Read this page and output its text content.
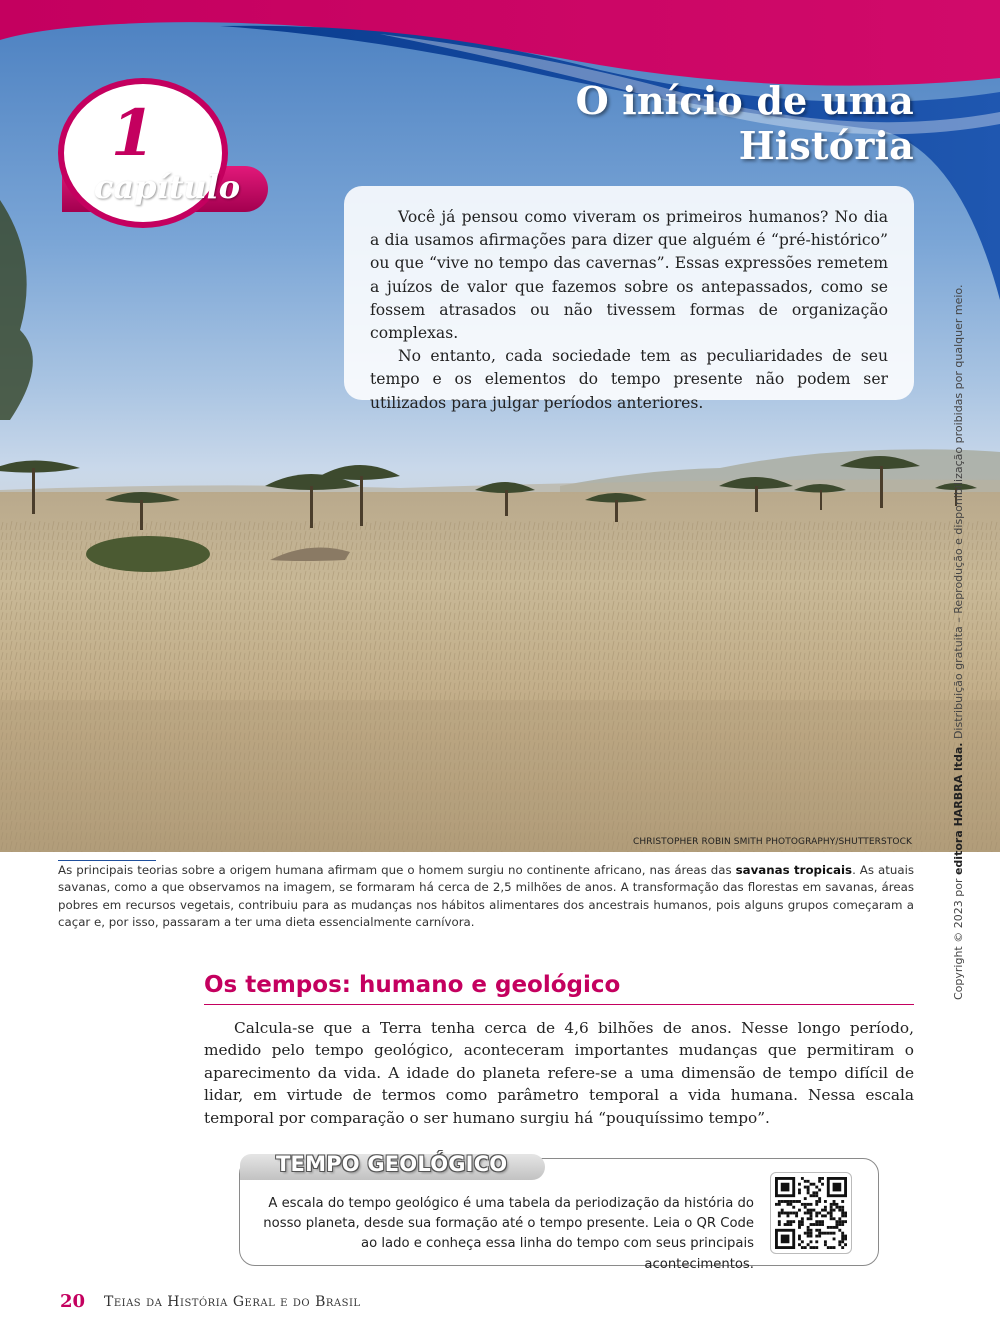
O início de uma História
1
capítulo

Você já pensou como viveram os primeiros humanos? No dia a dia usamos afirmações para dizer que alguém é “pré-histórico” ou que “vive no tempo das cavernas”. Essas expressões remetem a juízos de valor que fazemos sobre os antepassados, como se fossem atrasados ou não tivessem formas de organização complexas.

No entanto, cada sociedade tem as peculiaridades de seu tempo e os elementos do tempo presente não podem ser utilizados para julgar períodos anteriores.

CHRISTOPHER ROBIN SMITH PHOTOGRAPHY/SHUTTERSTOCK
Copyright © 2023 por editora HARBRA ltda. Distribuição gratuita – Reprodução e disponibilização proibidas por qualquer meio.
As principais teorias sobre a origem humana afirmam que o homem surgiu no continente africano, nas áreas das savanas tropicais. As atuais savanas, como a que observamos na imagem, se formaram há cerca de 2,5 milhões de anos. A transformação das florestas em savanas, áreas pobres em recursos vegetais, contribuiu para as mudanças nos hábitos alimentares dos ancestrais humanos, pois alguns grupos começaram a caçar e, por isso, passaram a ter uma dieta essencialmente carnívora.
Os tempos: humano e geológico
Calcula-se que a Terra tenha cerca de 4,6 bilhões de anos. Nesse longo período, medido pelo tempo geológico, aconteceram importantes mudanças que permitiram o aparecimento da vida. A idade do planeta refere-se a uma dimensão de tempo difícil de lidar, em virtude de termos como parâmetro temporal a vida humana. Nessa escala temporal por comparação o ser humano surgiu há “pouquíssimo tempo”.
TEMPO GEOLÓGICO
A escala do tempo geológico é uma tabela da periodização da história do nosso planeta, desde sua formação até o tempo presente. Leia o QR Code ao lado e conheça essa linha do tempo com seus principais acontecimentos.
20 Teias da História Geral e do Brasil
